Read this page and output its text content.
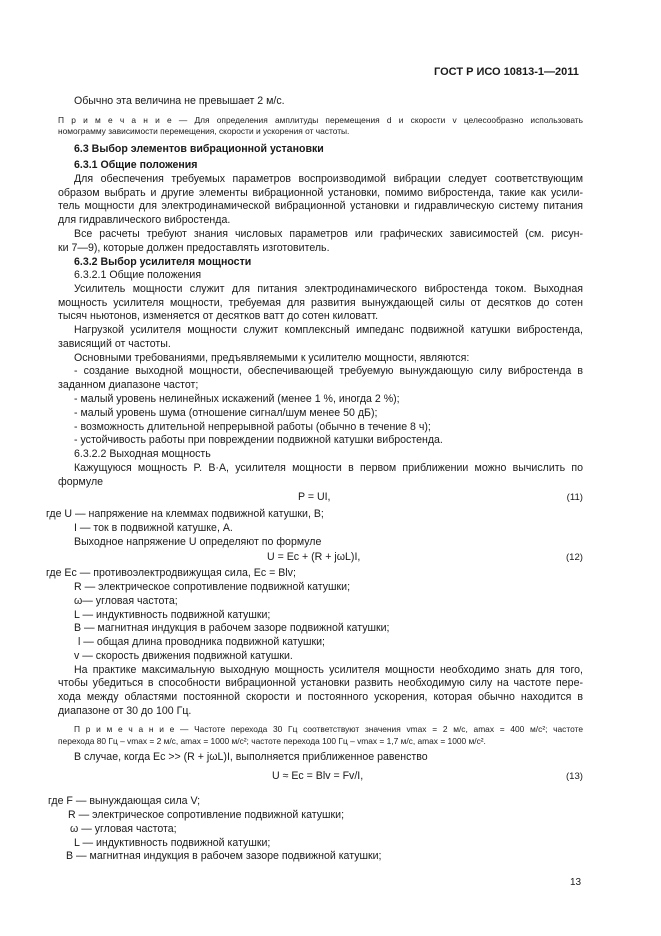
ГОСТ Р ИСО 10813-1—2011
Обычно эта величина не превышает 2 м/с.
П р и м е ч а н и е — Для определения амплитуды перемещения d и скорости v целесообразно использовать
номограмму зависимости перемещения, скорости и ускорения от частоты.
6.3 Выбор элементов вибрационной установки
6.3.1 Общие положения
Для обеспечения требуемых параметров воспроизводимой вибрации следует соответствующим
образом выбрать и другие элементы вибрационной установки, помимо вибростенда, такие как усили-
тель мощности для электродинамической вибрационной установки и гидравлическую систему питания
для гидравлического вибростенда.
Все расчеты требуют знания числовых параметров или графических зависимостей (см. рисун-
ки 7—9), которые должен предоставлять изготовитель.
6.3.2 Выбор усилителя мощности
6.3.2.1 Общие положения
Усилитель мощности служит для питания электродинамического вибростенда током. Выходная
мощность усилителя мощности, требуемая для развития вынуждающей силы от десятков до сотен
тысяч ньютонов, изменяется от десятков ватт до сотен киловатт.
Нагрузкой усилителя мощности служит комплексный импеданс подвижной катушки вибростенда,
зависящий от частоты.
Основными требованиями, предъявляемыми к усилителю мощности, являются:
- создание выходной мощности, обеспечивающей требуемую вынуждающую силу вибростенда в
заданном диапазоне частот;
- малый уровень нелинейных искажений (менее 1 %, иногда 2 %);
- малый уровень шума (отношение сигнал/шум менее 50 дБ);
- возможность длительной непрерывной работы (обычно в течение 8 ч);
- устойчивость работы при повреждении подвижной катушки вибростенда.
6.3.2.2 Выходная мощность
Кажущуюся мощность P. В·А, усилителя мощности в первом приближении можно вычислить по
формуле
P = UI,	(11)
где U — напряжение на клеммах подвижной катушки, В;
I — ток в подвижной катушке, А.
Выходное напряжение U определяют по формуле
U = Eс + (R + jωL)I,	(12)
где Eс — противоэлектродвижущая сила, Eс = Blv;
R — электрическое сопротивление подвижной катушки;
ω— угловая частота;
L — индуктивность подвижной катушки;
B — магнитная индукция в рабочем зазоре подвижной катушки;
l — общая длина проводника подвижной катушки;
v — скорость движения подвижной катушки.
На практике максимальную выходную мощность усилителя мощности необходимо знать для того,
чтобы убедиться в способности вибрационной установки развить необходимую силу на частоте пере-
хода между областями постоянной скорости и постоянного ускорения, которая обычно находится в
диапазоне от 30 до 100 Гц.
П р и м е ч а н и е — Частоте перехода 30 Гц соответствуют значения vmax = 2 м/с, amax = 400 м/с²; частоте
перехода 80 Гц – vmax = 2 м/с, amax = 1000 м/с²; частоте перехода 100 Гц – vmax = 1,7 м/с, amax = 1000 м/с².
В случае, когда Eс >> (R + jωL)I, выполняется приближенное равенство
U ≈ Eс = Blv = Fv/I,	(13)
где F — вынуждающая сила V;
R — электрическое сопротивление подвижной катушки;
ω — угловая частота;
L — индуктивность подвижной катушки;
B — магнитная индукция в рабочем зазоре подвижной катушки;
13
